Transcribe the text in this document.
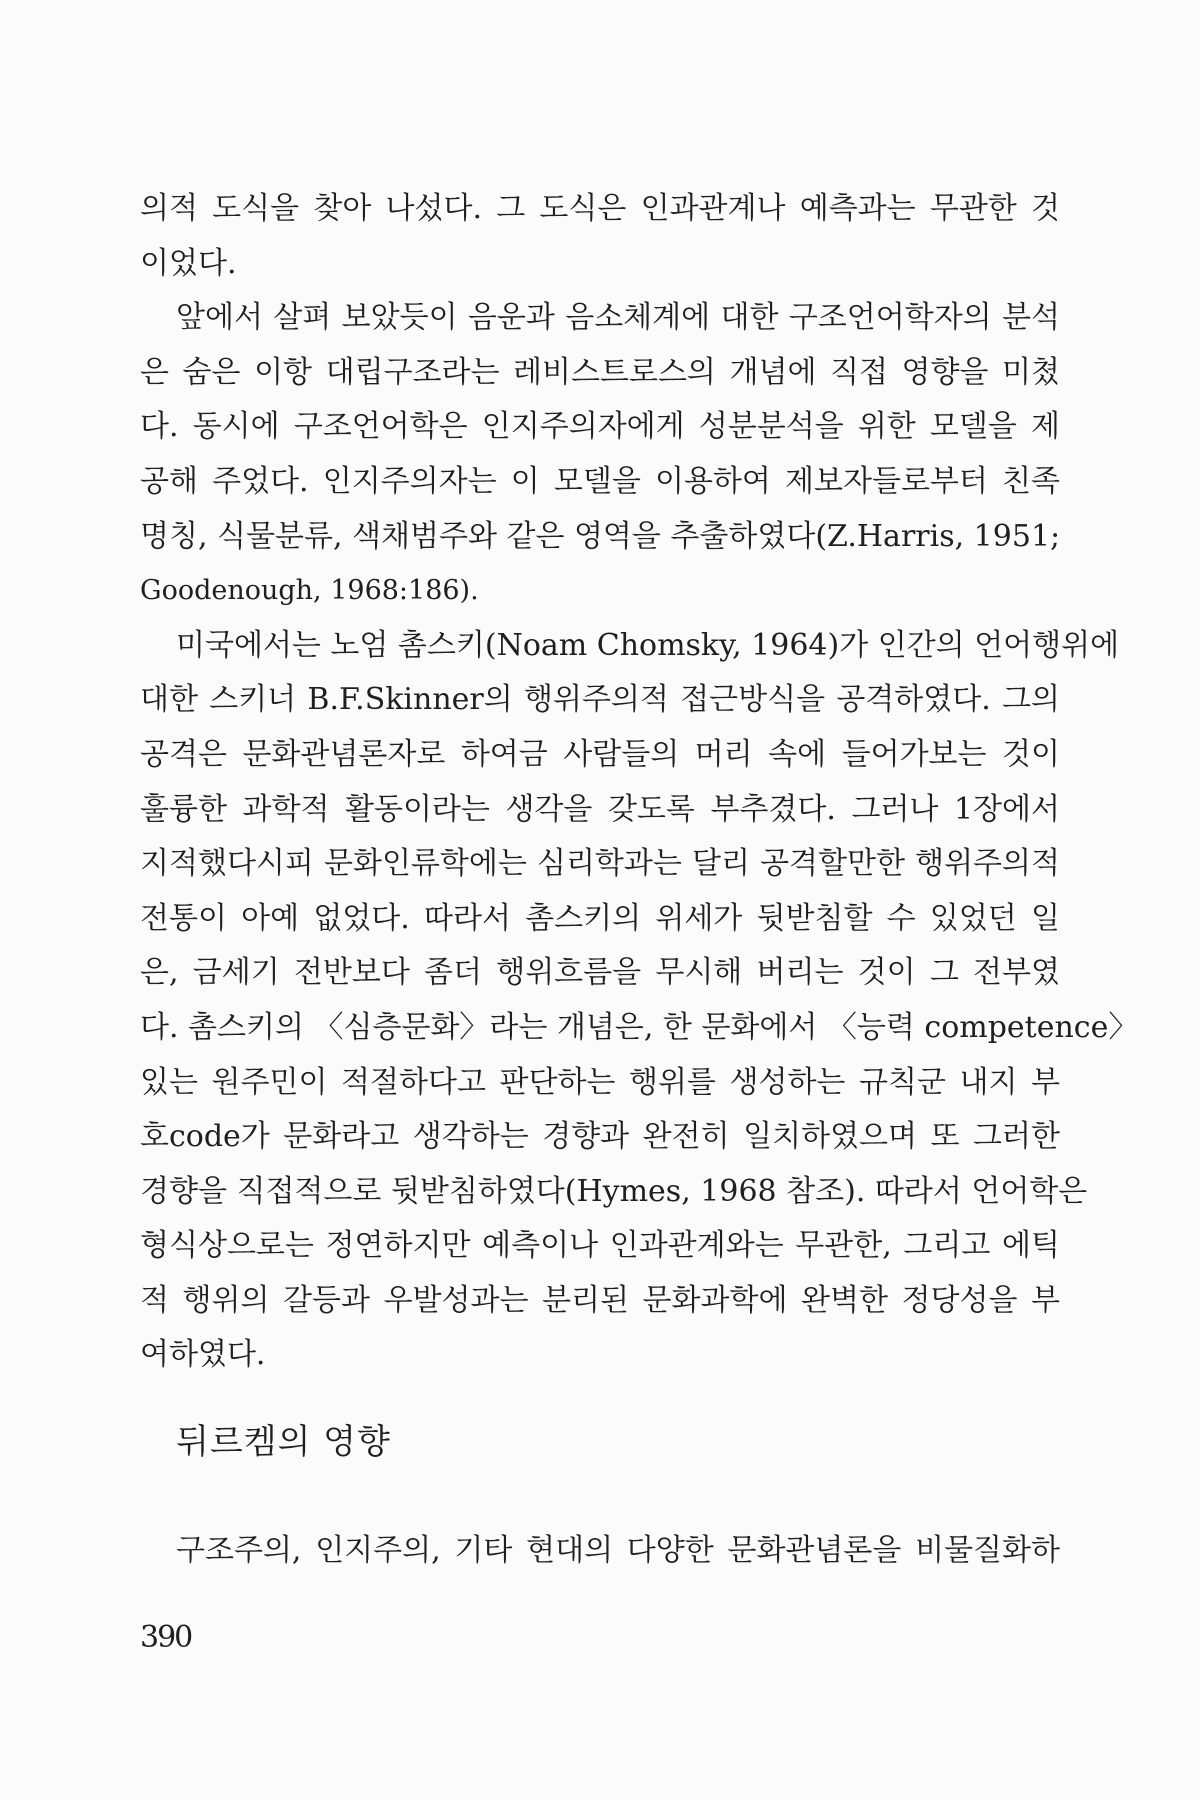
의적 도식을 찾아 나섰다. 그 도식은 인과관계나 예측과는 무관한 것
이었다.

앞에서 살펴 보았듯이 음운과 음소체계에 대한 구조언어학자의 분석
은 숨은 이항 대립구조라는 레비스트로스의 개념에 직접 영향을 미쳤
다. 동시에 구조언어학은 인지주의자에게 성분분석을 위한 모델을 제
공해 주었다. 인지주의자는 이 모델을 이용하여 제보자들로부터 친족
명칭, 식물분류, 색채범주와 같은 영역을 추출하였다(Z.Harris, 1951;
Goodenough, 1968:186).

미국에서는 노엄 촘스키(Noam Chomsky, 1964)가 인간의 언어행위에
대한 스키너 B.F.Skinner의 행위주의적 접근방식을 공격하였다. 그의
공격은 문화관념론자로 하여금 사람들의 머리 속에 들어가보는 것이
훌륭한 과학적 활동이라는 생각을 갖도록 부추겼다. 그러나 1장에서
지적했다시피 문화인류학에는 심리학과는 달리 공격할만한 행위주의적
전통이 아예 없었다. 따라서 촘스키의 위세가 뒷받침할 수 있었던 일
은, 금세기 전반보다 좀더 행위흐름을 무시해 버리는 것이 그 전부였
다. 촘스키의 〈심층문화〉라는 개념은, 한 문화에서 〈능력 competence〉
있는 원주민이 적절하다고 판단하는 행위를 생성하는 규칙군 내지 부
호code가 문화라고 생각하는 경향과 완전히 일치하였으며 또 그러한
경향을 직접적으로 뒷받침하였다(Hymes, 1968 참조). 따라서 언어학은
형식상으로는 정연하지만 예측이나 인과관계와는 무관한, 그리고 에틱
적 행위의 갈등과 우발성과는 분리된 문화과학에 완벽한 정당성을 부
여하였다.

뒤르켐의 영향

구조주의, 인지주의, 기타 현대의 다양한 문화관념론을 비물질화하

390
